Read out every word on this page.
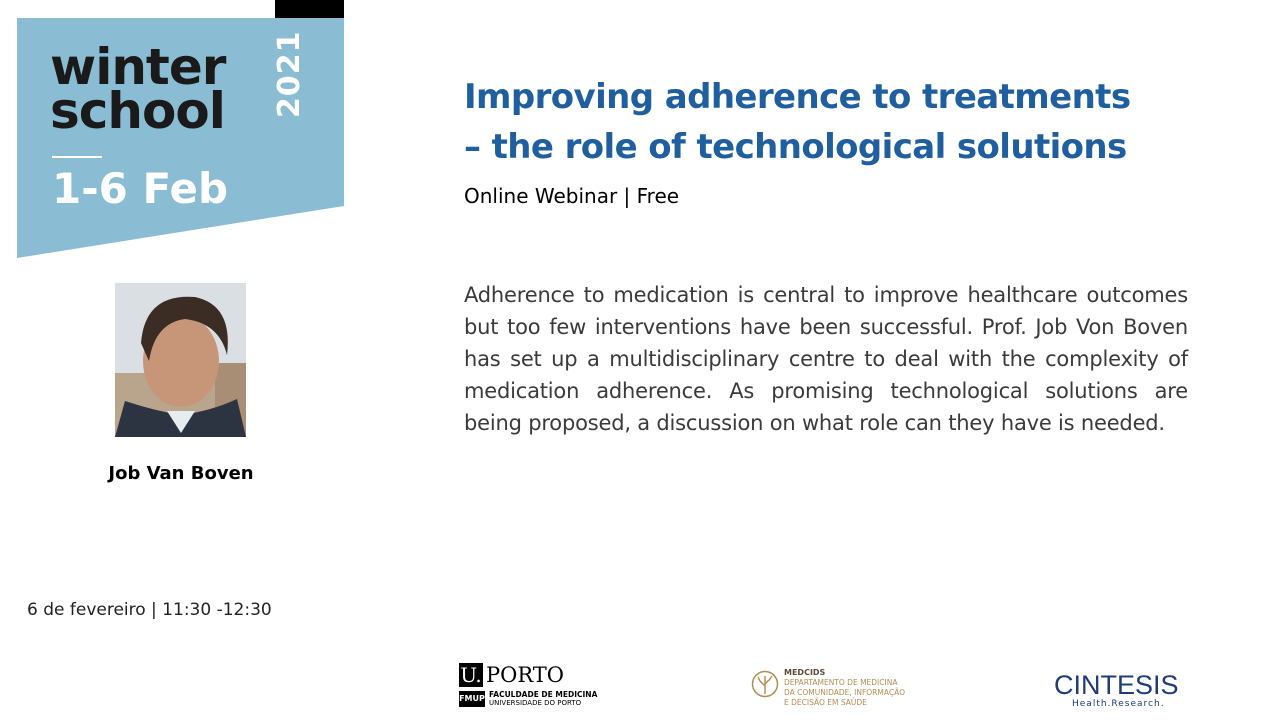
winter
school 2021
1-6 Feb
Job Van Boven
Improving adherence to treatments
– the role of technological solutions
Online Webinar | Free
Adherence to medication is central to improve healthcare outcomes but too few interventions have been successful. Prof. Job Von Boven has set up a multidisciplinary centre to deal with the complexity of medication adherence. As promising technological solutions are being proposed, a discussion on what role can they have is needed.
6 de fevereiro | 11:30 -12:30
U. PORTO
FMUP FACULDADE DE MEDICINA
UNIVERSIDADE DO PORTO
MEDCIDS
DEPARTAMENTO DE MEDICINA
DA COMUNIDADE, INFORMAÇÃO
E DECISÃO EM SAÚDE
CINTESIS
Health.Research.
